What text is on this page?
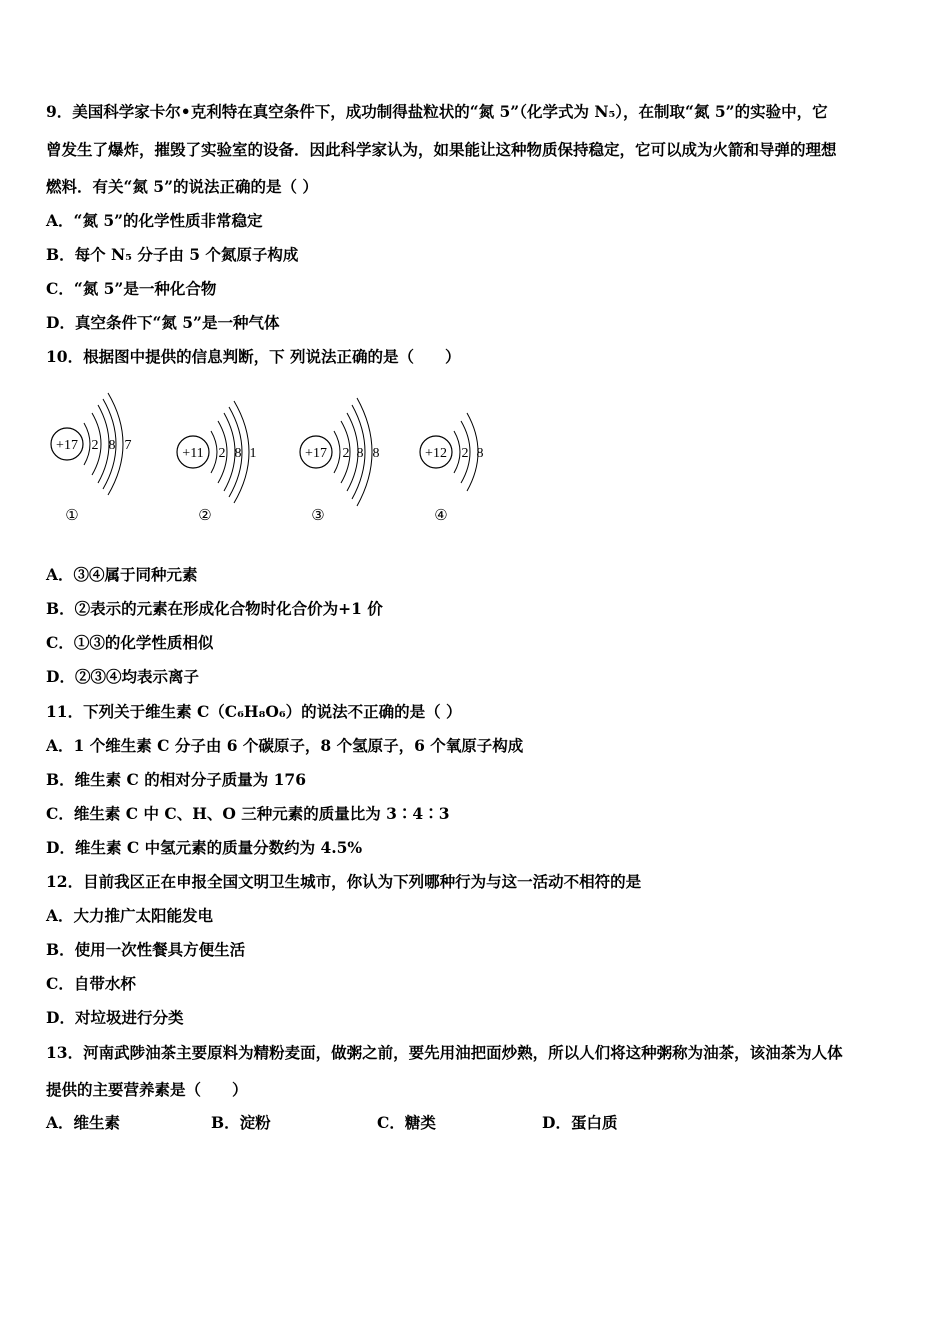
9．美国科学家卡尔•克利特在真空条件下，成功制得盐粒状的“氮 5”（化学式为 N₅），在制取“氮 5”的实验中，它
曾发生了爆炸，摧毁了实验室的设备．因此科学家认为，如果能让这种物质保持稳定，它可以成为火箭和导弹的理想
燃料．有关“氮 5”的说法正确的是（ ）
A．“氮 5”的化学性质非常稳定
B．每个 N₅ 分子由 5 个氮原子构成
C．“氮 5”是一种化合物
D．真空条件下“氮 5”是一种气体
10．根据图中提供的信息判断，下 列说法正确的是（　　）
+17 2 8 7
①
+11 2 8 1
②
+17 2 8 8
③
+12 2 8
④
A．③④属于同种元素
B．②表示的元素在形成化合物时化合价为+1 价
C．①③的化学性质相似
D．②③④均表示离子
11．下列关于维生素 C（C₆H₈O₆）的说法不正确的是（ ）
A．1 个维生素 C 分子由 6 个碳原子，8 个氢原子，6 个氧原子构成
B．维生素 C 的相对分子质量为 176
C．维生素 C 中 C、H、O 三种元素的质量比为 3∶4∶3
D．维生素 C 中氢元素的质量分数约为 4.5%
12．目前我区正在申报全国文明卫生城市，你认为下列哪种行为与这一活动不相符的是
A．大力推广太阳能发电
B．使用一次性餐具方便生活
C．自带水杯
D．对垃圾进行分类
13．河南武陟油茶主要原料为精粉麦面，做粥之前，要先用油把面炒熟，所以人们将这种粥称为油茶，该油茶为人体
提供的主要营养素是（　　）
A．维生素	B．淀粉	C．糖类	D．蛋白质
